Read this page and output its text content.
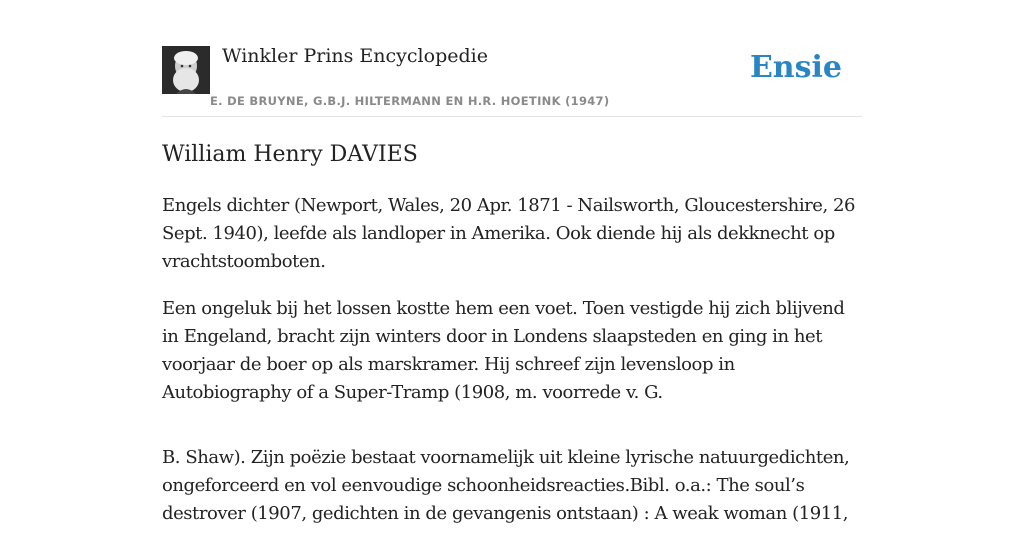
Winkler Prins Encyclopedie
E. DE BRUYNE, G.B.J. HILTERMANN EN H.R. HOETINK (1947)
Ensie
William Henry DAVIES

Engels dichter (Newport, Wales, 20 Apr. 1871 - Nailsworth, Gloucestershire, 26 Sept. 1940), leefde als landloper in Amerika. Ook diende hij als dekknecht op vrachtstoomboten.

Een ongeluk bij het lossen kostte hem een voet. Toen vestigde hij zich blijvend in Engeland, bracht zijn winters door in Londens slaapsteden en ging in het voorjaar de boer op als marskramer. Hij schreef zijn levensloop in Autobiography of a Super-Tramp (1908, m. voorrede v. G.

B. Shaw). Zijn poëzie bestaat voornamelijk uit kleine lyrische natuurgedichten, ongeforceerd en vol eenvoudige schoonheidsreacties.Bibl. o.a.: The soul’s destrover (1907, gedichten in de gevangenis ontstaan) : A weak woman (1911,
